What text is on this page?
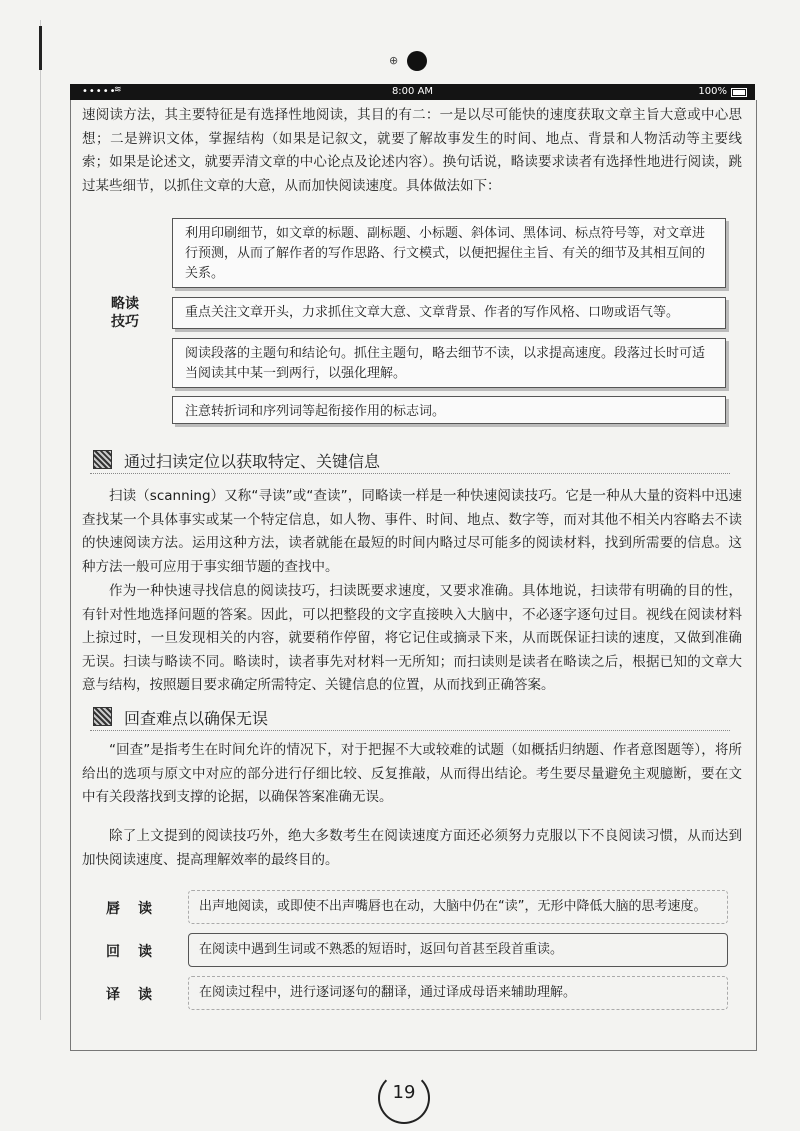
⊕
•••••
≋	8:00 AM	100%

速阅读方法，其主要特征是有选择性地阅读，其目的有二：一是以尽可能快的速度获取文章主旨大意或中心思想；二是辨识文体，掌握结构（如果是记叙文，就要了解故事发生的时间、地点、背景和人物活动等主要线索；如果是论述文，就要弄清文章的中心论点及论述内容）。换句话说，略读要求读者有选择性地进行阅读，跳过某些细节，以抓住文章的大意，从而加快阅读速度。具体做法如下：

略读
技巧
利用印刷细节，如文章的标题、副标题、小标题、斜体词、黑体词、标点符号等，对文章进行预测，从而了解作者的写作思路、行文模式，以便把握住主旨、有关的细节及其相互间的关系。
重点关注文章开头，力求抓住文章大意、文章背景、作者的写作风格、口吻或语气等。
阅读段落的主题句和结论句。抓住主题句，略去细节不读，以求提高速度。段落过长时可适当阅读其中某一到两行，以强化理解。
注意转折词和序列词等起衔接作用的标志词。
通过扫读定位以获取特定、关键信息

扫读（scanning）又称“寻读”或“查读”，同略读一样是一种快速阅读技巧。它是一种从大量的资料中迅速查找某一个具体事实或某一个特定信息，如人物、事件、时间、地点、数字等，而对其他不相关内容略去不读的快速阅读方法。运用这种方法，读者就能在最短的时间内略过尽可能多的阅读材料，找到所需要的信息。这种方法一般可应用于事实细节题的查找中。

作为一种快速寻找信息的阅读技巧，扫读既要求速度，又要求准确。具体地说，扫读带有明确的目的性，有针对性地选择问题的答案。因此，可以把整段的文字直接映入大脑中，不必逐字逐句过目。视线在阅读材料上掠过时，一旦发现相关的内容，就要稍作停留，将它记住或摘录下来，从而既保证扫读的速度，又做到准确无误。扫读与略读不同。略读时，读者事先对材料一无所知；而扫读则是读者在略读之后，根据已知的文章大意与结构，按照题目要求确定所需特定、关键信息的位置，从而找到正确答案。

回查难点以确保无误

“回查”是指考生在时间允许的情况下，对于把握不大或较难的试题（如概括归纳题、作者意图题等），将所给出的选项与原文中对应的部分进行仔细比较、反复推敲，从而得出结论。考生要尽量避免主观臆断，要在文中有关段落找到支撑的论据，以确保答案准确无误。

除了上文提到的阅读技巧外，绝大多数考生在阅读速度方面还必须努力克服以下不良阅读习惯，从而达到加快阅读速度、提高理解效率的最终目的。

唇读	出声地阅读，或即使不出声嘴唇也在动，大脑中仍在“读”，无形中降低大脑的思考速度。
回读	在阅读中遇到生词或不熟悉的短语时，返回句首甚至段首重读。
译读	在阅读过程中，进行逐词逐句的翻译，通过译成母语来辅助理解。
19
